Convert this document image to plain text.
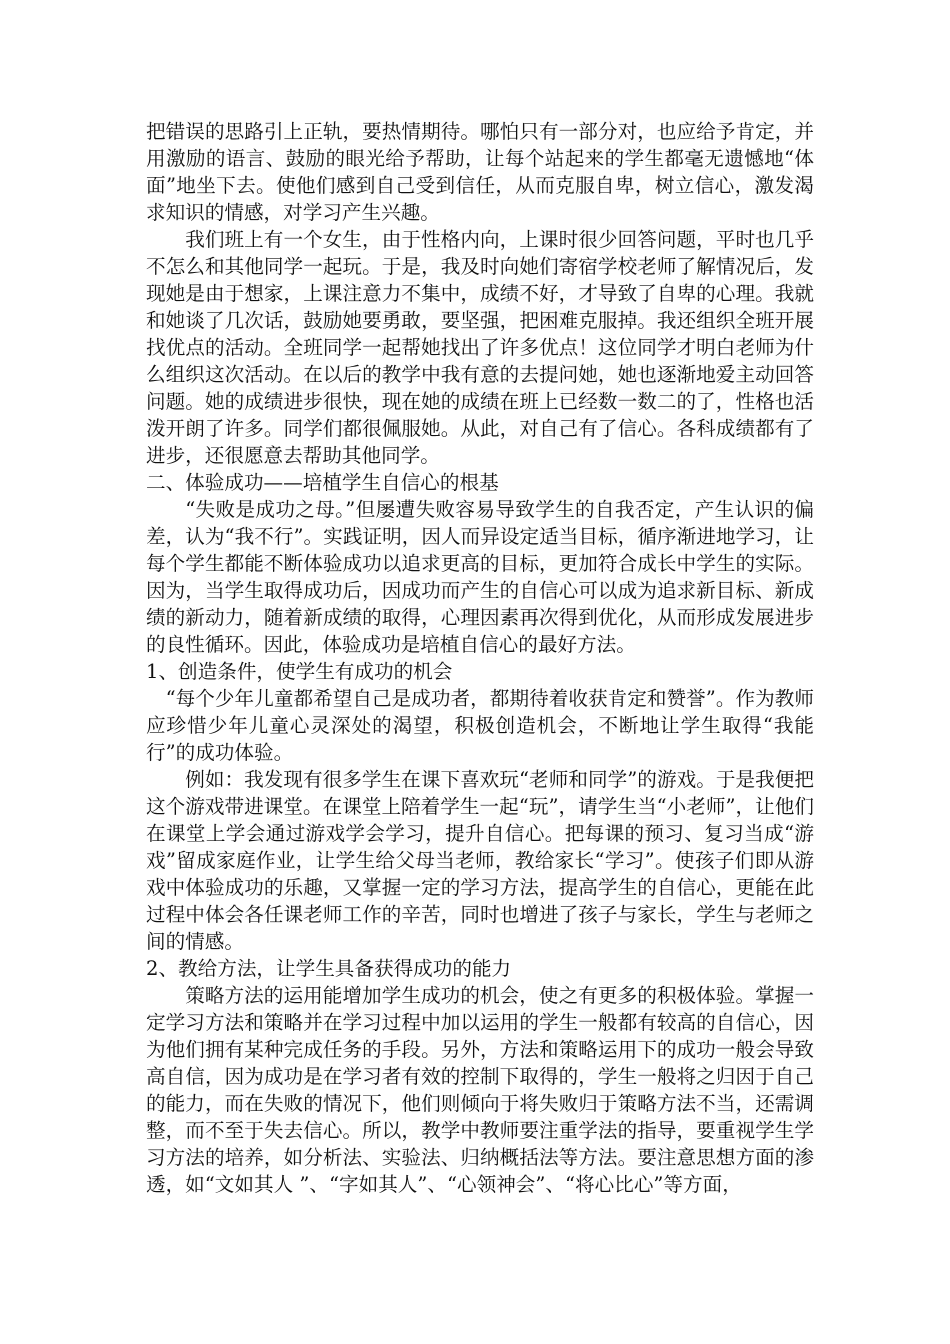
把错误的思路引上正轨，要热情期待。哪怕只有一部分对，也应给予肯定，并用激励的语言、鼓励的眼光给予帮助，让每个站起来的学生都毫无遗憾地“体面”地坐下去。使他们感到自己受到信任，从而克服自卑，树立信心，激发渴求知识的情感，对学习产生兴趣。

我们班上有一个女生，由于性格内向，上课时很少回答问题，平时也几乎不怎么和其他同学一起玩。于是，我及时向她们寄宿学校老师了解情况后，发现她是由于想家，上课注意力不集中，成绩不好，才导致了自卑的心理。我就和她谈了几次话，鼓励她要勇敢，要坚强，把困难克服掉。我还组织全班开展找优点的活动。全班同学一起帮她找出了许多优点！这位同学才明白老师为什么组织这次活动。在以后的教学中我有意的去提问她，她也逐渐地爱主动回答问题。她的成绩进步很快，现在她的成绩在班上已经数一数二的了，性格也活泼开朗了许多。同学们都很佩服她。从此，对自己有了信心。各科成绩都有了进步，还很愿意去帮助其他同学。

二、体验成功——培植学生自信心的根基

“失败是成功之母。”但屡遭失败容易导致学生的自我否定，产生认识的偏差，认为“我不行”。实践证明，因人而异设定适当目标，循序渐进地学习，让每个学生都能不断体验成功以追求更高的目标，更加符合成长中学生的实际。因为，当学生取得成功后，因成功而产生的自信心可以成为追求新目标、新成绩的新动力，随着新成绩的取得，心理因素再次得到优化，从而形成发展进步的良性循环。因此，体验成功是培植自信心的最好方法。

1、创造条件，使学生有成功的机会

“每个少年儿童都希望自己是成功者，都期待着收获肯定和赞誉”。作为教师应珍惜少年儿童心灵深处的渴望，积极创造机会，不断地让学生取得“我能行”的成功体验。

例如：我发现有很多学生在课下喜欢玩“老师和同学”的游戏。于是我便把这个游戏带进课堂。在课堂上陪着学生一起“玩”，请学生当“小老师”，让他们在课堂上学会通过游戏学会学习，提升自信心。把每课的预习、复习当成“游戏”留成家庭作业，让学生给父母当老师，教给家长“学习”。使孩子们即从游戏中体验成功的乐趣，又掌握一定的学习方法，提高学生的自信心，更能在此过程中体会各任课老师工作的辛苦，同时也增进了孩子与家长，学生与老师之间的情感。

2、教给方法，让学生具备获得成功的能力

策略方法的运用能增加学生成功的机会，使之有更多的积极体验。掌握一定学习方法和策略并在学习过程中加以运用的学生一般都有较高的自信心，因为他们拥有某种完成任务的手段。另外，方法和策略运用下的成功一般会导致高自信，因为成功是在学习者有效的控制下取得的，学生一般将之归因于自己的能力，而在失败的情况下，他们则倾向于将失败归于策略方法不当，还需调整，而不至于失去信心。所以，教学中教师要注重学法的指导，要重视学生学习方法的培养，如分析法、实验法、归纳概括法等方法。要注意思想方面的渗透，如“文如其人 ”、“字如其人”、“心领神会”、“将心比心”等方面，
